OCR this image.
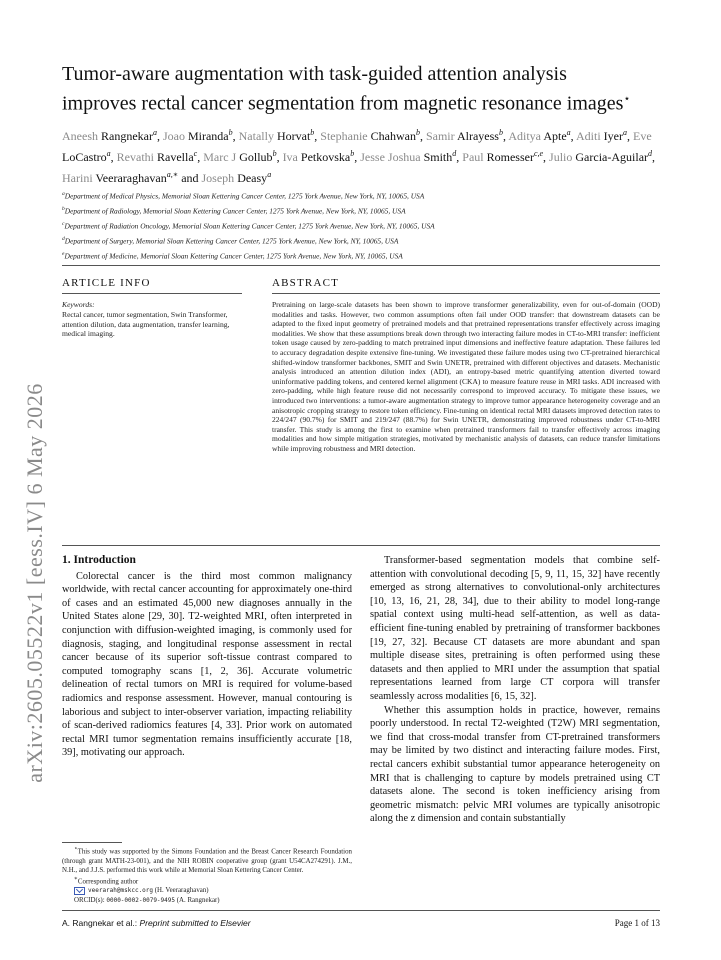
Tumor-aware augmentation with task-guided attention analysis
improves rectal cancer segmentation from magnetic resonance images⋆
Aneesh Rangnekar$^a$, Joao Miranda$^b$, Natally Horvat$^b$, Stephanie Chahwan$^b$, Samir Alrayess$^b$, Aditya Apte$^a$, Aditi Iyer$^a$, Eve LoCastro$^a$, Revathi Ravella$^c$, Marc J Gollub$^b$, Iva Petkovska$^b$, Jesse Joshua Smith$^d$, Paul Romesser$^{c,e}$, Julio Garcia-Aguilar$^d$, Harini Veeraraghavan$^{a,∗}$ and Joseph Deasy$^a$
$^a$Department of Medical Physics, Memorial Sloan Kettering Cancer Center, 1275 York Avenue, New York, NY, 10065, USA
$^b$Department of Radiology, Memorial Sloan Kettering Cancer Center, 1275 York Avenue, New York, NY, 10065, USA
$^c$Department of Radiation Oncology, Memorial Sloan Kettering Cancer Center, 1275 York Avenue, New York, NY, 10065, USA
$^d$Department of Surgery, Memorial Sloan Kettering Cancer Center, 1275 York Avenue, New York, NY, 10065, USA
$^e$Department of Medicine, Memorial Sloan Kettering Cancer Center, 1275 York Avenue, New York, NY, 10065, USA
arXiv:2605.05522v1 [eess.IV] 6 May 2026
ARTICLE INFO	ABSTRACT
Keywords:
Rectal cancer, tumor segmentation, Swin Transformer, attention dilution, data augmentation, transfer learning, medical imaging.
Pretraining on large-scale datasets has been shown to improve transformer generalizability, even for out-of-domain (OOD) modalities and tasks. However, two common assumptions often fail under OOD transfer: that downstream datasets can be adapted to the fixed input geometry of pretrained models and that pretrained representations transfer effectively across imaging modalities. We show that these assumptions break down through two interacting failure modes in CT-to-MRI transfer: inefficient token usage caused by zero-padding to match pretrained input dimensions and ineffective feature adaptation. These failures led to accuracy degradation despite extensive fine-tuning. We investigated these failure modes using two CT-pretrained hierarchical shifted-window transformer backbones, SMIT and Swin UNETR, pretrained with different objectives and datasets. Mechanistic analysis introduced an attention dilution index (ADI), an entropy-based metric quantifying attention diverted toward uninformative padding tokens, and centered kernel alignment (CKA) to measure feature reuse in MRI tasks. ADI increased with zero-padding, while high feature reuse did not necessarily correspond to improved accuracy. To mitigate these issues, we introduced two interventions: a tumor-aware augmentation strategy to improve tumor appearance heterogeneity coverage and an anisotropic cropping strategy to restore token efficiency. Fine-tuning on identical rectal MRI datasets improved detection rates to 224/247 (90.7%) for SMIT and 219/247 (88.7%) for Swin UNETR, demonstrating improved robustness under CT-to-MRI transfer. This study is among the first to examine when pretrained transformers fail to transfer effectively across imaging modalities and how simple mitigation strategies, motivated by mechanistic analysis of datasets, can reduce transfer limitations while improving robustness and MRI detection.
1. Introduction

Colorectal cancer is the third most common malignancy worldwide, with rectal cancer accounting for approximately one-third of cases and an estimated 45,000 new diagnoses annually in the United States alone [29, 30]. T2-weighted MRI, often interpreted in conjunction with diffusion-weighted imaging, is commonly used for diagnosis, staging, and longitudinal response assessment in rectal cancer because of its superior soft-tissue contrast compared to computed tomography scans [1, 2, 36]. Accurate volumetric delineation of rectal tumors on MRI is required for volume-based radiomics and response assessment. However, manual contouring is laborious and subject to inter-observer variation, impacting reliability of scan-derived radiomics features [4, 33]. Prior work on automated rectal MRI tumor segmentation remains insufficiently accurate [18, 39], motivating our approach.

⋆This study was supported by the Simons Foundation and the Breast Cancer Research Foundation (through grant MATH-23-001), and the NIH ROBIN cooperative group (grant U54CA274291). J.M., N.H., and J.J.S. performed this work while at Memorial Sloan Kettering Cancer Center.
∗Corresponding author
veerarah@mskcc.org (H. Veeraraghavan)
ORCID(s): 0000-0002-0079-9495 (A. Rangnekar)

Transformer-based segmentation models that combine self-attention with convolutional decoding [5, 9, 11, 15, 32] have recently emerged as strong alternatives to convolutional-only architectures [10, 13, 16, 21, 28, 34], due to their ability to model long-range spatial context using multi-head self-attention, as well as data-efficient fine-tuning enabled by pretraining of transformer backbones [19, 27, 32]. Because CT datasets are more abundant and span multiple disease sites, pretraining is often performed using these datasets and then applied to MRI under the assumption that spatial representations learned from large CT corpora will transfer seamlessly across modalities [6, 15, 32].

Whether this assumption holds in practice, however, remains poorly understood. In rectal T2-weighted (T2W) MRI segmentation, we find that cross-modal transfer from CT-pretrained transformers may be limited by two distinct and interacting failure modes. First, rectal cancers exhibit substantial tumor appearance heterogeneity on MRI that is challenging to capture by models pretrained using CT datasets alone. The second is token inefficiency arising from geometric mismatch: pelvic MRI volumes are typically anisotropic along the z dimension and contain substantially

A. Rangnekar et al.: Preprint submitted to Elsevier	Page 1 of 13
